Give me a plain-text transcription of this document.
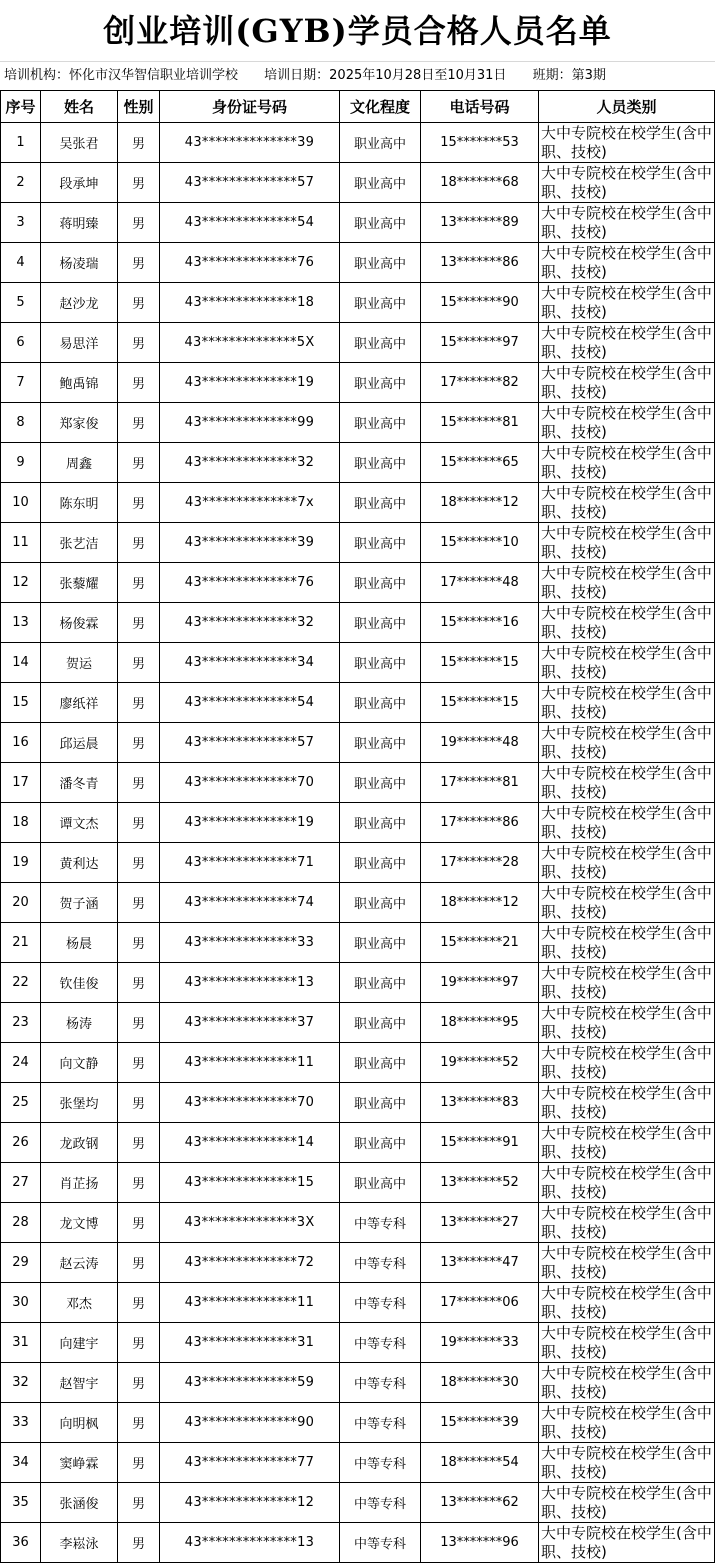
创业培训(GYB)学员合格人员名单
培训机构：怀化市汉华智信职业培训学校 培训日期：2025年10月28日至10月31日 班期：第3期
序号	姓名	性别	身份证号码	文化程度	电话号码	人员类别
1	吴张君	男	43**************39	职业高中	15*******53	大中专院校在校学生(含中职、技校)
2	段承坤	男	43**************57	职业高中	18*******68	大中专院校在校学生(含中职、技校)
3	蒋明臻	男	43**************54	职业高中	13*******89	大中专院校在校学生(含中职、技校)
4	杨凌瑞	男	43**************76	职业高中	13*******86	大中专院校在校学生(含中职、技校)
5	赵沙龙	男	43**************18	职业高中	15*******90	大中专院校在校学生(含中职、技校)
6	易思洋	男	43**************5X	职业高中	15*******97	大中专院校在校学生(含中职、技校)
7	鲍禹锦	男	43**************19	职业高中	17*******82	大中专院校在校学生(含中职、技校)
8	郑家俊	男	43**************99	职业高中	15*******81	大中专院校在校学生(含中职、技校)
9	周鑫	男	43**************32	职业高中	15*******65	大中专院校在校学生(含中职、技校)
10	陈东明	男	43**************7x	职业高中	18*******12	大中专院校在校学生(含中职、技校)
11	张艺洁	男	43**************39	职业高中	15*******10	大中专院校在校学生(含中职、技校)
12	张藜耀	男	43**************76	职业高中	17*******48	大中专院校在校学生(含中职、技校)
13	杨俊霖	男	43**************32	职业高中	15*******16	大中专院校在校学生(含中职、技校)
14	贺运	男	43**************34	职业高中	15*******15	大中专院校在校学生(含中职、技校)
15	廖纸祥	男	43**************54	职业高中	15*******15	大中专院校在校学生(含中职、技校)
16	邱运晨	男	43**************57	职业高中	19*******48	大中专院校在校学生(含中职、技校)
17	潘冬青	男	43**************70	职业高中	17*******81	大中专院校在校学生(含中职、技校)
18	谭文杰	男	43**************19	职业高中	17*******86	大中专院校在校学生(含中职、技校)
19	黄利达	男	43**************71	职业高中	17*******28	大中专院校在校学生(含中职、技校)
20	贺子涵	男	43**************74	职业高中	18*******12	大中专院校在校学生(含中职、技校)
21	杨晨	男	43**************33	职业高中	15*******21	大中专院校在校学生(含中职、技校)
22	钦佳俊	男	43**************13	职业高中	19*******97	大中专院校在校学生(含中职、技校)
23	杨涛	男	43**************37	职业高中	18*******95	大中专院校在校学生(含中职、技校)
24	向文静	男	43**************11	职业高中	19*******52	大中专院校在校学生(含中职、技校)
25	张堡均	男	43**************70	职业高中	13*******83	大中专院校在校学生(含中职、技校)
26	龙政钢	男	43**************14	职业高中	15*******91	大中专院校在校学生(含中职、技校)
27	肖芷扬	男	43**************15	职业高中	13*******52	大中专院校在校学生(含中职、技校)
28	龙文博	男	43**************3X	中等专科	13*******27	大中专院校在校学生(含中职、技校)
29	赵云涛	男	43**************72	中等专科	13*******47	大中专院校在校学生(含中职、技校)
30	邓杰	男	43**************11	中等专科	17*******06	大中专院校在校学生(含中职、技校)
31	向建宇	男	43**************31	中等专科	19*******33	大中专院校在校学生(含中职、技校)
32	赵智宇	男	43**************59	中等专科	18*******30	大中专院校在校学生(含中职、技校)
33	向明枫	男	43**************90	中等专科	15*******39	大中专院校在校学生(含中职、技校)
34	窦峥霖	男	43**************77	中等专科	18*******54	大中专院校在校学生(含中职、技校)
35	张涵俊	男	43**************12	中等专科	13*******62	大中专院校在校学生(含中职、技校)
36	李崧泳	男	43**************13	中等专科	13*******96	大中专院校在校学生(含中职、技校)
